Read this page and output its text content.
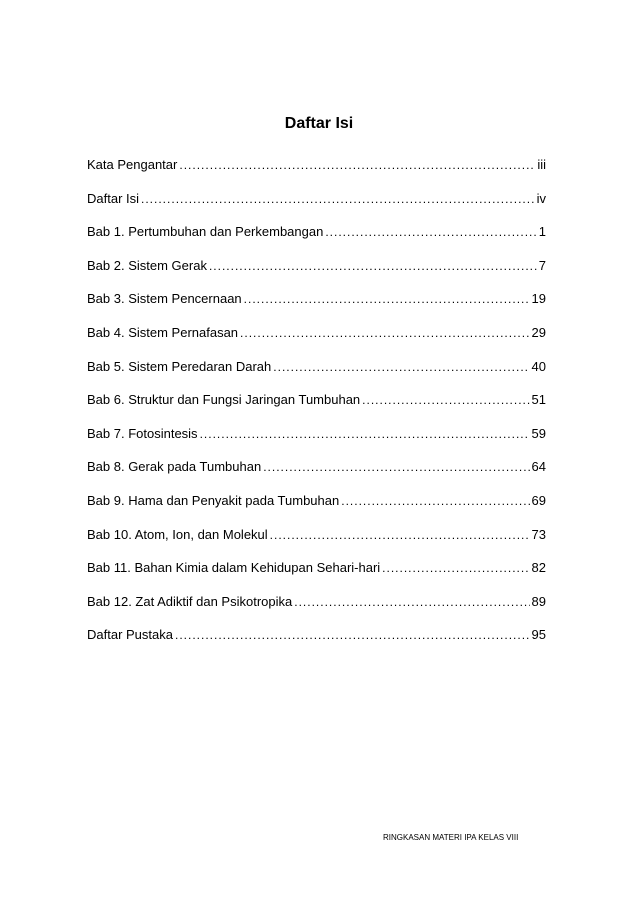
Daftar Isi
Kata Pengantar .....	iii
Daftar Isi .....	iv
Bab 1. Pertumbuhan dan Perkembangan .....	1
Bab 2. Sistem Gerak .....	7
Bab 3. Sistem Pencernaan .....	19
Bab 4. Sistem Pernafasan .....	29
Bab 5. Sistem Peredaran Darah .....	40
Bab 6. Struktur dan Fungsi Jaringan Tumbuhan .....	51
Bab 7. Fotosintesis .....	59
Bab 8. Gerak pada Tumbuhan .....	64
Bab 9. Hama dan Penyakit pada Tumbuhan .....	69
Bab 10. Atom, Ion, dan Molekul .....	73
Bab 11. Bahan Kimia dalam Kehidupan Sehari-hari .....	82
Bab 12. Zat Adiktif dan Psikotropika .....	89
Daftar Pustaka .....	95
RINGKASAN MATERI IPA KELAS VIII
